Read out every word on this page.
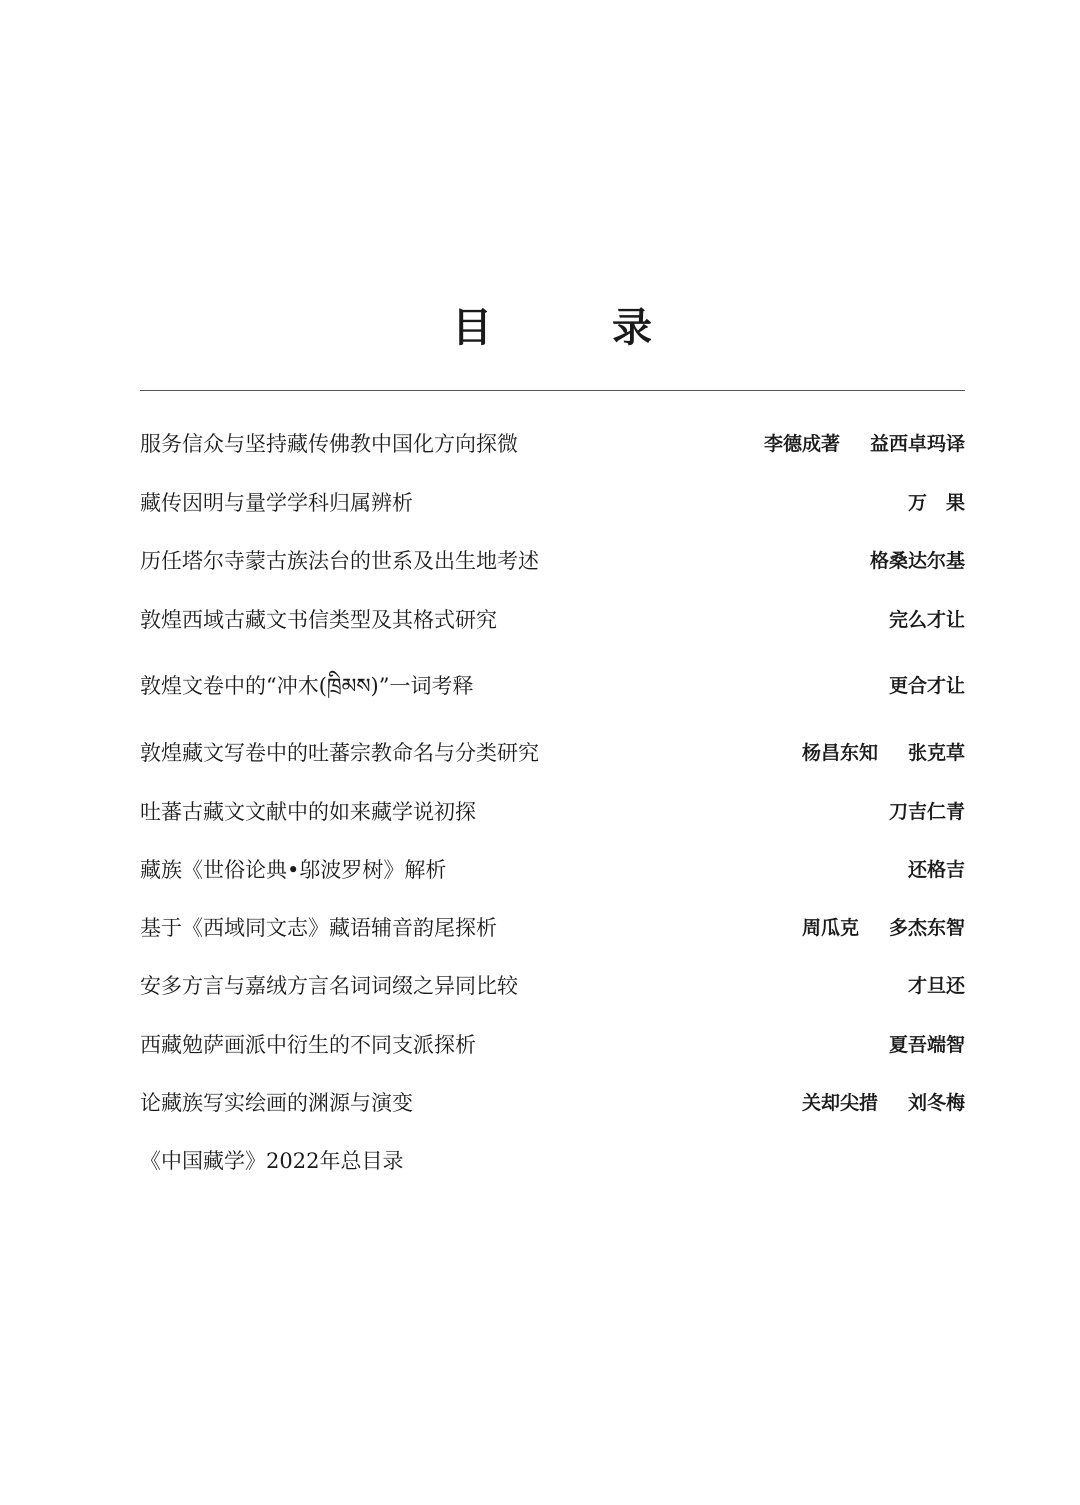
目	录
服务信众与坚持藏传佛教中国化方向探微	李德成著 益西卓玛译
藏传因明与量学学科归属辨析	万　果
历任塔尔寺蒙古族法台的世系及出生地考述	格桑达尔基
敦煌西域古藏文书信类型及其格式研究	完么才让
敦煌文卷中的“冲木(ཁྲིམས)”一词考释	更合才让
敦煌藏文写卷中的吐蕃宗教命名与分类研究	杨昌东知 张克草
吐蕃古藏文文献中的如来藏学说初探	刀吉仁青
藏族《世俗论典•邬波罗树》解析	还格吉
基于《西域同文志》藏语辅音韵尾探析	周瓜克 多杰东智
安多方言与嘉绒方言名词词缀之异同比较	才旦还
西藏勉萨画派中衍生的不同支派探析	夏吾端智
论藏族写实绘画的渊源与演变	关却尖措 刘冬梅
《中国藏学》2022年总目录
